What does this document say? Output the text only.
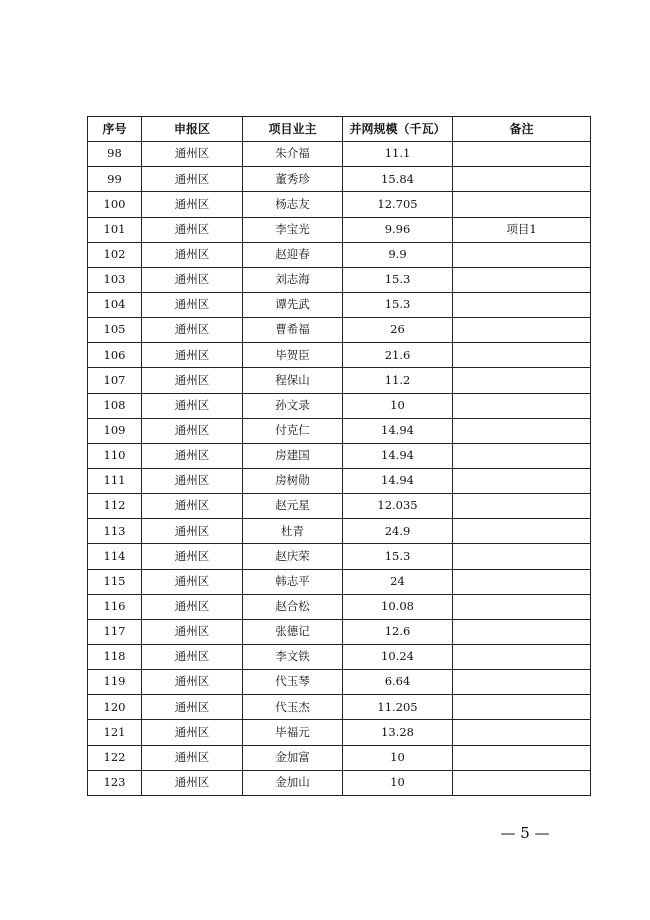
序号	申报区	项目业主	并网规模（千瓦）	备注
98	通州区	朱介福	11.1	
99	通州区	董秀珍	15.84	
100	通州区	杨志友	12.705	
101	通州区	李宝光	9.96	项目1
102	通州区	赵迎春	9.9	
103	通州区	刘志海	15.3	
104	通州区	谭先武	15.3	
105	通州区	曹希福	26	
106	通州区	毕贺臣	21.6	
107	通州区	程保山	11.2	
108	通州区	孙文录	10	
109	通州区	付克仁	14.94	
110	通州区	房建国	14.94	
111	通州区	房树勋	14.94	
112	通州区	赵元星	12.035	
113	通州区	杜青	24.9	
114	通州区	赵庆荣	15.3	
115	通州区	韩志平	24	
116	通州区	赵合松	10.08	
117	通州区	张德记	12.6	
118	通州区	李文铁	10.24	
119	通州区	代玉琴	6.64	
120	通州区	代玉杰	11.205	
121	通州区	毕福元	13.28	
122	通州区	金加富	10	
123	通州区	金加山	10	
— 5 —
